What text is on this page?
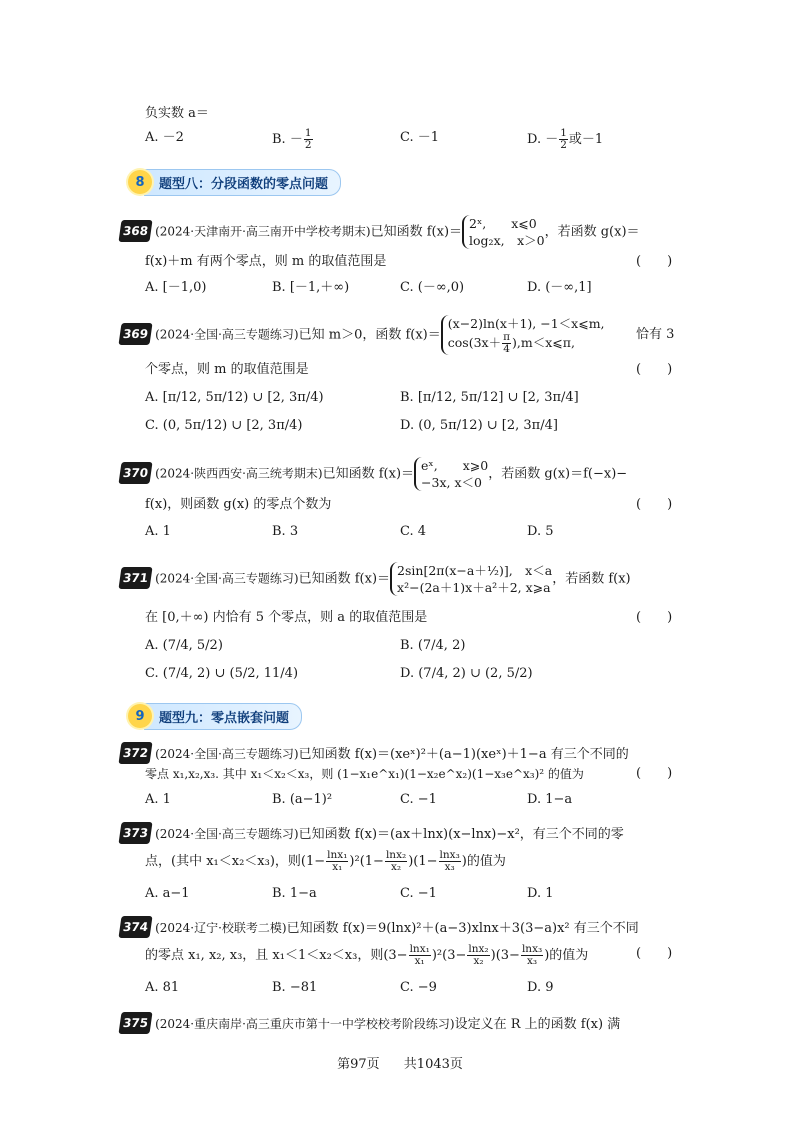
负实数 a＝
A. －2	B. － $\frac{1}{2}$	C. －1	D. － $\frac{1}{2}$ 或－1
8	题型八：分段函数的零点问题
368 (2024·天津南开·高三南开中学校考期末)已知函数 f(x)＝
2ˣ,　　x⩽0
log₂x,　x＞0
，若函数 g(x)＝
f(x)＋m 有两个零点，则 m 的取值范围是	(　　)
A. [－1,0)	B. [－1,＋∞)	C. (－∞,0)	D. (－∞,1]
369 (2024·全国·高三专题练习)已知 m＞0，函数 f(x)＝
(x−2)ln(x＋1), −1＜x⩽m,
$\cos(3x+ \frac{\pi}{4}$ ),m＜x⩽π,
恰有 3
个零点，则 m 的取值范围是	(　　)
A. [π/12, 5π/12) ∪ [2, 3π/4)	B. [π/12, 5π/12] ∪ [2, 3π/4]
C. (0, 5π/12) ∪ [2, 3π/4)	D. (0, 5π/12) ∪ [2, 3π/4]
370 (2024·陕西西安·高三统考期末)已知函数 f(x)＝
eˣ,　　x⩾0
−3x, x＜0
，若函数 g(x)＝f(−x)−
f(x)，则函数 g(x) 的零点个数为	(　　)
A. 1	B. 3	C. 4	D. 5
371 (2024·全国·高三专题练习)已知函数 f(x)＝
2sin[2π(x−a＋½)],　x＜a
x²−(2a＋1)x＋a²＋2, x⩾a
，若函数 f(x)
在 [0,＋∞) 内恰有 5 个零点，则 a 的取值范围是	(　　)
A. (7/4, 5/2)	B. (7/4, 2)
C. (7/4, 2) ∪ (5/2, 11/4)	D. (7/4, 2) ∪ (2, 5/2)
9	题型九：零点嵌套问题
372 (2024·全国·高三专题练习)已知函数 f(x)＝(xeˣ)²＋(a−1)(xeˣ)＋1−a 有三个不同的
零点 x₁,x₂,x₃. 其中 x₁＜x₂＜x₃，则 (1−x₁e^x₁)(1−x₂e^x₂)(1−x₃e^x₃)² 的值为	(　　)
A. 1	B. (a−1)²	C. −1	D. 1−a
373 (2024·全国·高三专题练习)已知函数 f(x)＝(ax＋lnx)(x−lnx)−x²，有三个不同的零
点，(其中 x₁＜x₂＜x₃)，则$(1- \frac{\text{lnx₁}}{\text{x₁}} )^2(1- \frac{\text{lnx₂}}{\text{x₂}} )(1- \frac{\text{lnx₃}}{\text{x₃}}$ )的值为
A. a−1	B. 1−a	C. −1	D. 1
374 (2024·辽宁·校联考二模)已知函数 f(x)＝9(lnx)²＋(a−3)xlnx＋3(3−a)x² 有三个不同
的零点 x₁, x₂, x₃，且 x₁＜1＜x₂＜x₃，则$(3- \frac{\text{lnx₁}}{\text{x₁}} )^2(3- \frac{\text{lnx₂}}{\text{x₂}} )(3- \frac{\text{lnx₃}}{\text{x₃}}$ )的值为	(　　)
A. 81	B. −81	C. −9	D. 9
375 (2024·重庆南岸·高三重庆市第十一中学校校考阶段练习)设定义在 R 上的函数 f(x) 满
第97页 共1043页
